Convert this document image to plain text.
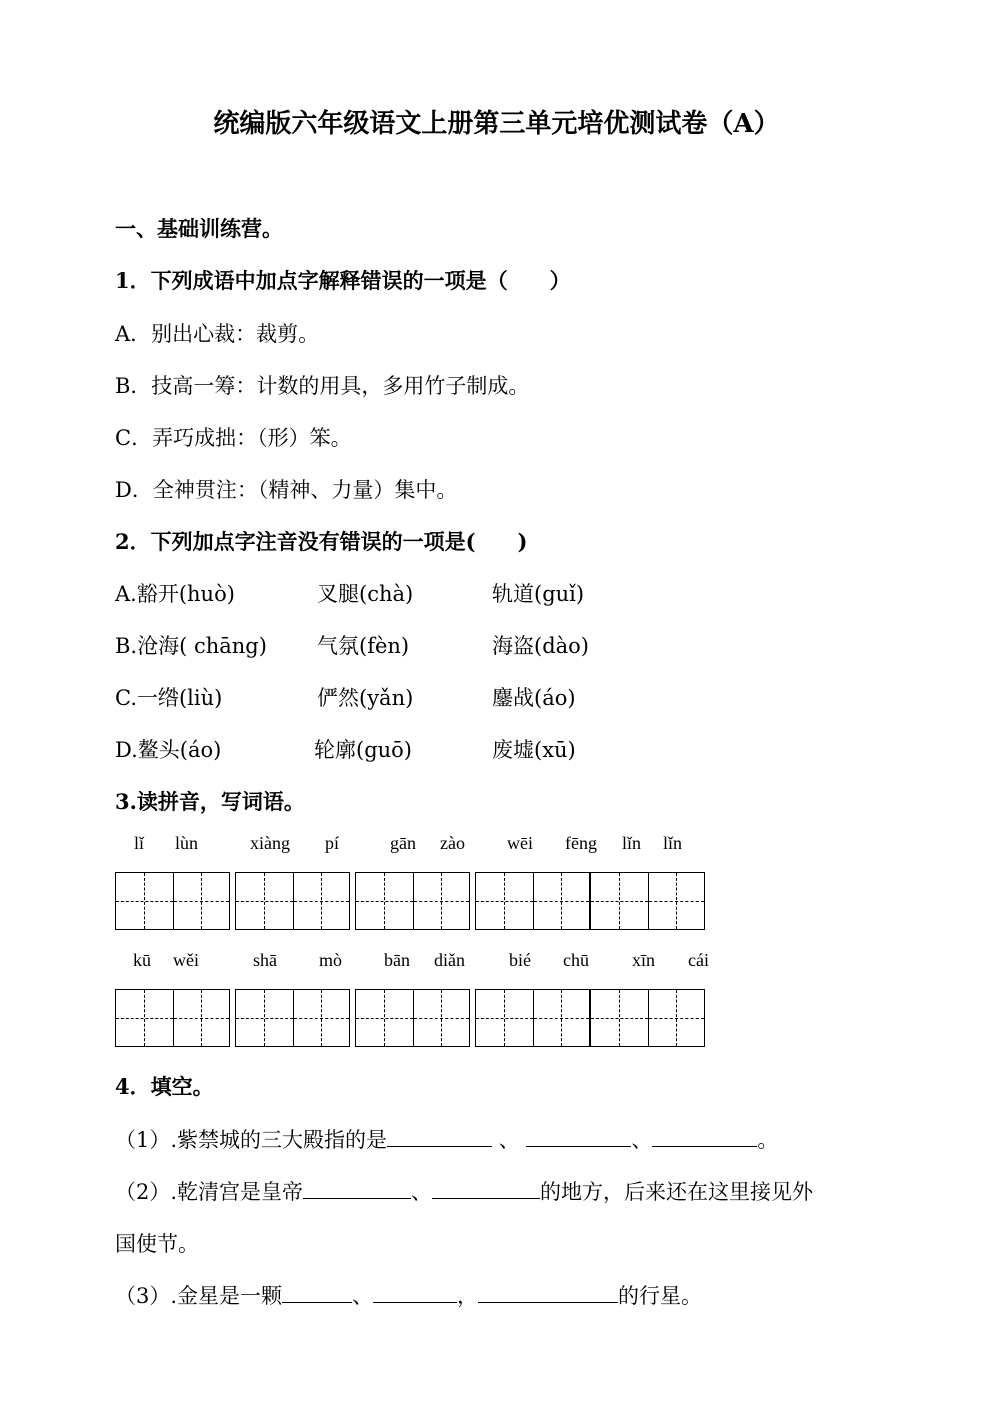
统编版六年级语文上册第三单元培优测试卷（A）
一、基础训练营。
1．下列成语中加点字解释错误的一项是（　　）
A．别出心裁：裁剪。
B．技高一筹：计数的用具，多用竹子制成。
C．弄巧成拙：（形）笨。
D．全神贯注：（精神、力量）集中。
2．下列加点字注音没有错误的一项是(　　)
A.豁开(huò)	叉腿(chà)	轨道(guǐ)
B.沧海( chāng) 气氛(fèn)	海盗(dào)
C.一绺(liù)	俨然(yǎn)	鏖战(áo)
D.鳌头(áo)	轮廓(guō)	废墟(xū)
3.读拼音，写词语。
lǐ lùn	xiàng pí	gān zào wēi fēng lǐn lǐn
kū wěi	shā mò bān diǎn bié chū xīn cái
4．填空。
（1）.紫禁城的三大殿指的是	、	、	。
（2）.乾清宫是皇帝	、	的地方，后来还在这里接见外
国使节。
（3）.金星是一颗	、	，	的行星。
